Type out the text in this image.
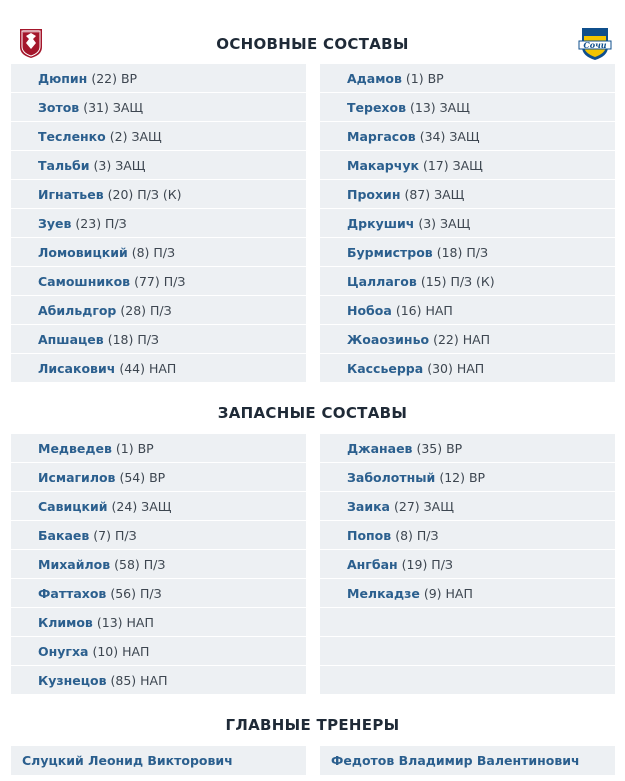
Сочи
ОСНОВНЫЕ СОСТАВЫ
Дюпин (22) ВР
Зотов (31) ЗАЩ
Тесленко (2) ЗАЩ
Тальби (3) ЗАЩ
Игнатьев (20) П/З (К)
Зуев (23) П/З
Ломовицкий (8) П/З
Самошников (77) П/З
Абильдгор (28) П/З
Апшацев (18) П/З
Лисакович (44) НАП
Адамов (1) ВР
Терехов (13) ЗАЩ
Маргасов (34) ЗАЩ
Макарчук (17) ЗАЩ
Прохин (87) ЗАЩ
Дркушич (3) ЗАЩ
Бурмистров (18) П/З
Цаллагов (15) П/З (К)
Нобоа (16) НАП
Жоаозиньо (22) НАП
Кассьерра (30) НАП
ЗАПАСНЫЕ СОСТАВЫ
Медведев (1) ВР
Исмагилов (54) ВР
Савицкий (24) ЗАЩ
Бакаев (7) П/З
Михайлов (58) П/З
Фаттахов (56) П/З
Климов (13) НАП
Онугха (10) НАП
Кузнецов (85) НАП
Джанаев (35) ВР
Заболотный (12) ВР
Заика (27) ЗАЩ
Попов (8) П/З
Ангбан (19) П/З
Мелкадзе (9) НАП
ГЛАВНЫЕ ТРЕНЕРЫ
Слуцкий Леонид Викторович	Федотов Владимир Валентинович
